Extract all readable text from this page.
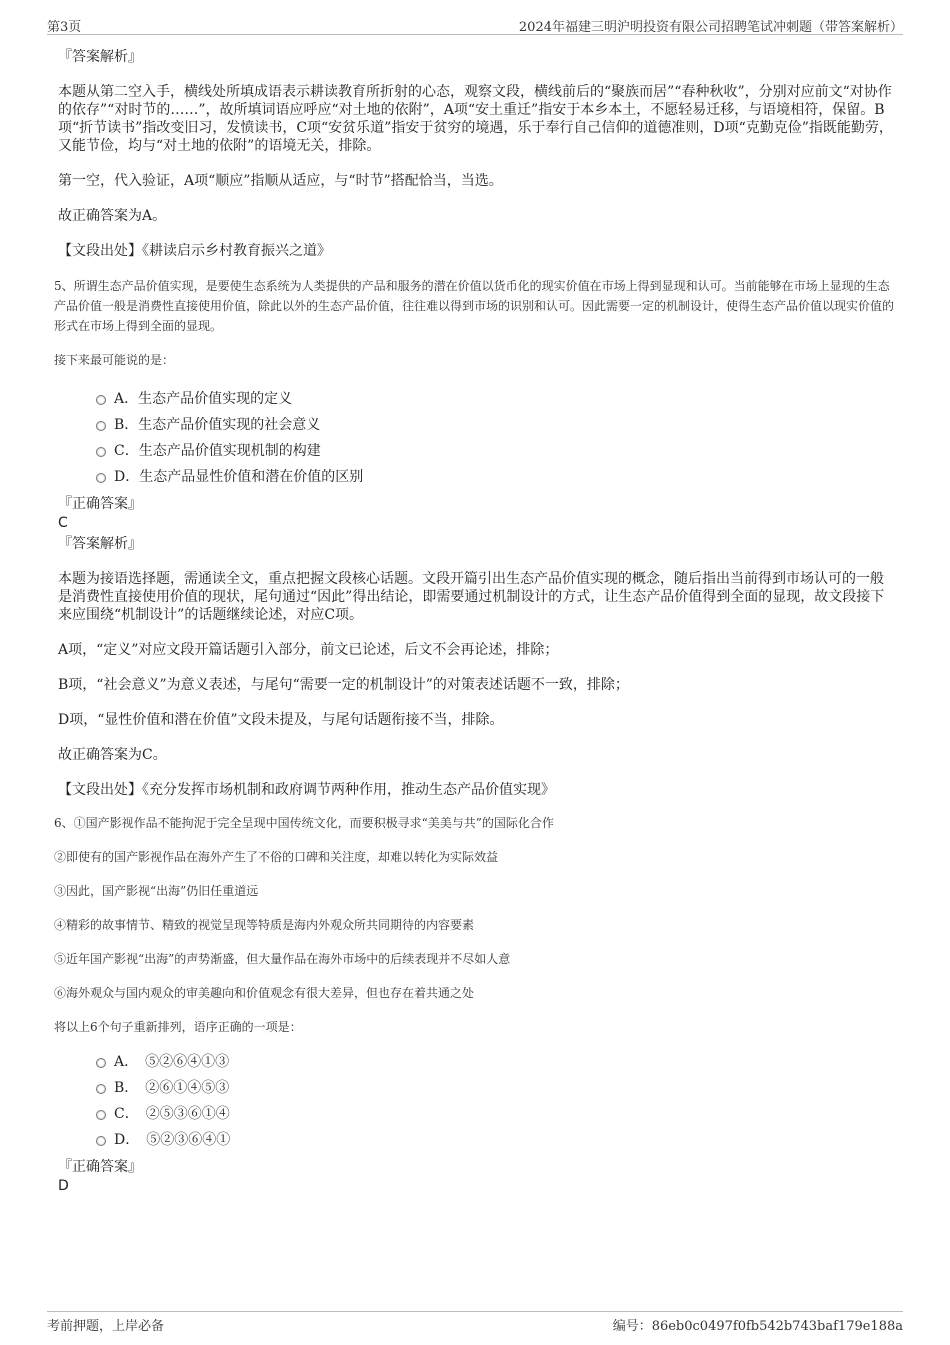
第3页	2024年福建三明沪明投资有限公司招聘笔试冲刺题（带答案解析）
『答案解析』

本题从第二空入手，横线处所填成语表示耕读教育所折射的心态，观察文段，横线前后的“聚族而居”“春种秋收”，分别对应前文“对协作的依存”“对时节的……”，故所填词语应呼应“对土地的依附”，A项“安土重迁”指安于本乡本土，不愿轻易迁移，与语境相符，保留。B项“折节读书”指改变旧习，发愤读书，C项“安贫乐道”指安于贫穷的境遇，乐于奉行自己信仰的道德准则，D项“克勤克俭”指既能勤劳，又能节俭，均与“对土地的依附”的语境无关，排除。

第一空，代入验证，A项“顺应”指顺从适应，与“时节”搭配恰当，当选。

故正确答案为A。

【文段出处】《耕读启示乡村教育振兴之道》

5、所谓生态产品价值实现，是要使生态系统为人类提供的产品和服务的潜在价值以货币化的现实价值在市场上得到显现和认可。当前能够在市场上显现的生态产品价值一般是消费性直接使用价值，除此以外的生态产品价值，往往难以得到市场的识别和认可。因此需要一定的机制设计，使得生态产品价值以现实价值的形式在市场上得到全面的显现。

接下来最可能说的是：

A．生态产品价值实现的定义
B．生态产品价值实现的社会意义
C．生态产品价值实现机制的构建
D．生态产品显性价值和潜在价值的区别
『正确答案』
C
『答案解析』

本题为接语选择题，需通读全文，重点把握文段核心话题。文段开篇引出生态产品价值实现的概念，随后指出当前得到市场认可的一般是消费性直接使用价值的现状，尾句通过“因此”得出结论，即需要通过机制设计的方式，让生态产品价值得到全面的显现，故文段接下来应围绕“机制设计”的话题继续论述，对应C项。

A项，“定义”对应文段开篇话题引入部分，前文已论述，后文不会再论述，排除；

B项，“社会意义”为意义表述，与尾句“需要一定的机制设计”的对策表述话题不一致，排除；

D项，“显性价值和潜在价值”文段未提及，与尾句话题衔接不当，排除。

故正确答案为C。

【文段出处】《充分发挥市场机制和政府调节两种作用，推动生态产品价值实现》

6、①国产影视作品不能拘泥于完全呈现中国传统文化，而要积极寻求“美美与共”的国际化合作

②即使有的国产影视作品在海外产生了不俗的口碑和关注度，却难以转化为实际效益

③因此，国产影视“出海”仍旧任重道远

④精彩的故事情节、精致的视觉呈现等特质是海内外观众所共同期待的内容要素

⑤近年国产影视“出海”的声势渐盛，但大量作品在海外市场中的后续表现并不尽如人意

⑥海外观众与国内观众的审美趣向和价值观念有很大差异，但也存在着共通之处

将以上6个句子重新排列，语序正确的一项是：

A．　⑤②⑥④①③
B．　②⑥①④⑤③
C．　②⑤③⑥①④
D．　⑤②③⑥④①
『正确答案』
D
考前押题，上岸必备	编号：86eb0c0497f0fb542b743baf179e188a
